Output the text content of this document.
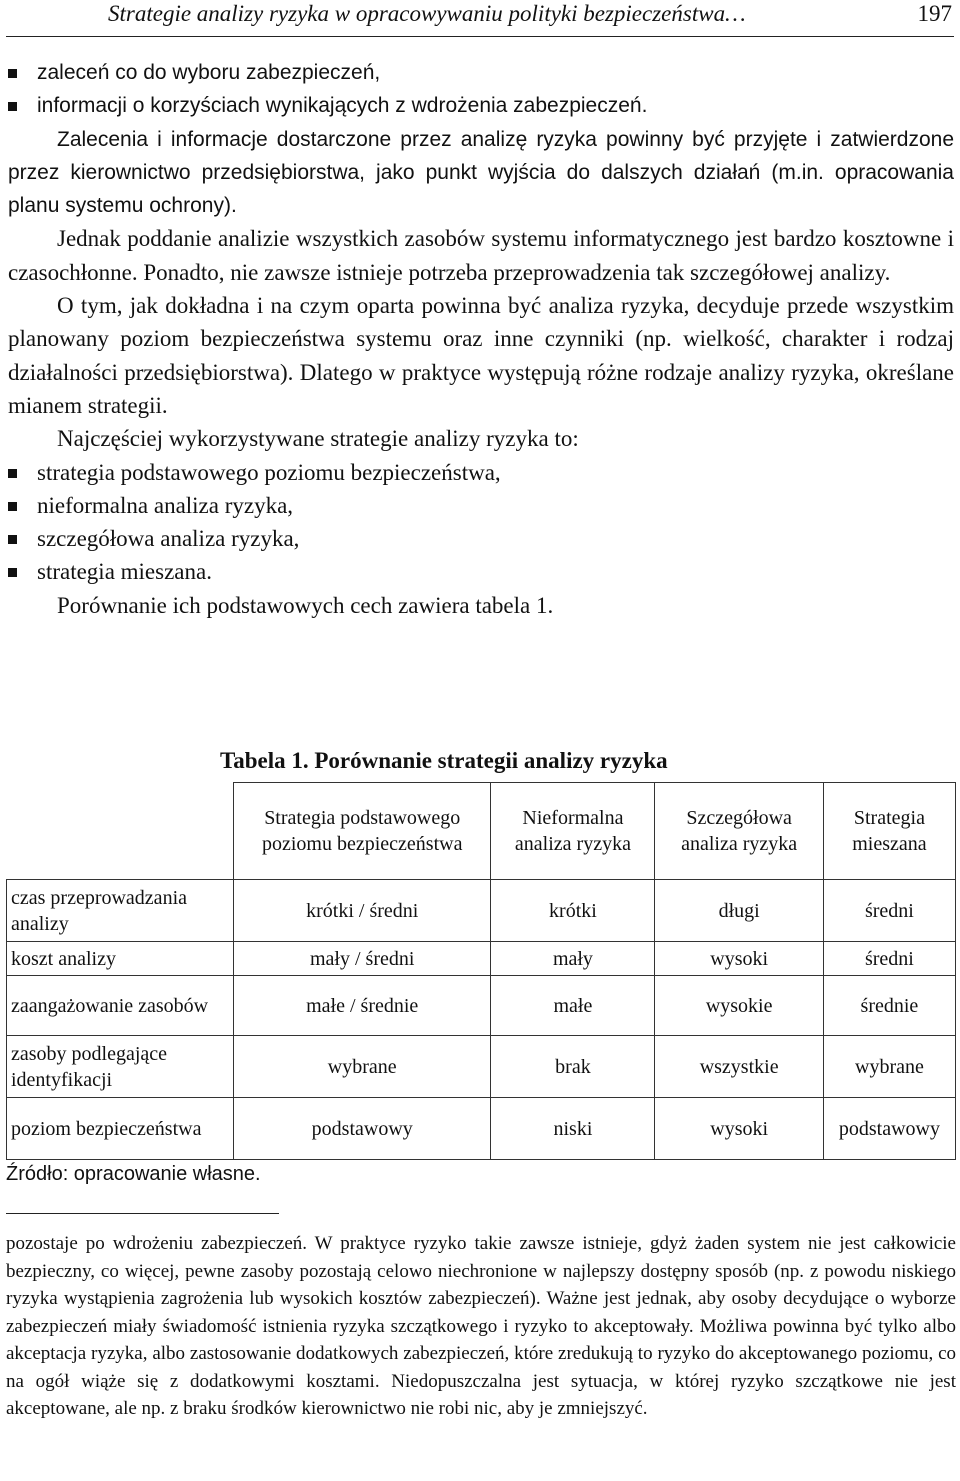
Strategie analizy ryzyka w opracowywaniu polityki bezpieczeństwa…	197
zaleceń co do wyboru zabezpieczeń,
informacji o korzyściach wynikających z wdrożenia zabezpieczeń.
Zalecenia i informacje dostarczone przez analizę ryzyka powinny być przyjęte i zatwierdzone przez kierownictwo przedsiębiorstwa, jako punkt wyjścia do dalszych działań (m.in. opracowania planu systemu ochrony).
Jednak poddanie analizie wszystkich zasobów systemu informatycznego jest bardzo kosztowne i czasochłonne. Ponadto, nie zawsze istnieje potrzeba przeprowadzenia tak szczegółowej analizy.
O tym, jak dokładna i na czym oparta powinna być analiza ryzyka, decyduje przede wszystkim planowany poziom bezpieczeństwa systemu oraz inne czynniki (np. wielkość, charakter i rodzaj działalności przedsiębiorstwa). Dlatego w praktyce występują różne rodzaje analizy ryzyka, określane mianem strategii.
Najczęściej wykorzystywane strategie analizy ryzyka to:
strategia podstawowego poziomu bezpieczeństwa,
nieformalna analiza ryzyka,
szczegółowa analiza ryzyka,
strategia mieszana.
Porównanie ich podstawowych cech zawiera tabela 1.
Tabela 1. Porównanie strategii analizy ryzyka
	Strategia podstawowego poziomu bezpieczeństwa	Nieformalna analiza ryzyka	Szczegółowa analiza ryzyka	Strategia mieszana
czas przeprowadzania analizy	krótki / średni	krótki	długi	średni
koszt analizy	mały / średni	mały	wysoki	średni
zaangażowanie zasobów	małe / średnie	małe	wysokie	średnie
zasoby podlegające identyfikacji	wybrane	brak	wszystkie	wybrane
poziom bezpieczeństwa	podstawowy	niski	wysoki	podstawowy
Źródło: opracowanie własne.
pozostaje po wdrożeniu zabezpieczeń. W praktyce ryzyko takie zawsze istnieje, gdyż żaden system nie jest całkowicie bezpieczny, co więcej, pewne zasoby pozostają celowo niechronione w najlepszy dostępny sposób (np. z powodu niskiego ryzyka wystąpienia zagrożenia lub wysokich kosztów zabezpieczeń). Ważne jest jednak, aby osoby decydujące o wyborze zabezpieczeń miały świadomość istnienia ryzyka szczątkowego i ryzyko to akceptowały. Możliwa powinna być tylko albo akceptacja ryzyka, albo zastosowanie dodatkowych zabezpieczeń, które zredukują to ryzyko do akceptowanego poziomu, co na ogół wiąże się z dodatkowymi kosztami. Niedopuszczalna jest sytuacja, w której ryzyko szczątkowe nie jest akceptowane, ale np. z braku środków kierownictwo nie robi nic, aby je zmniejszyć.
